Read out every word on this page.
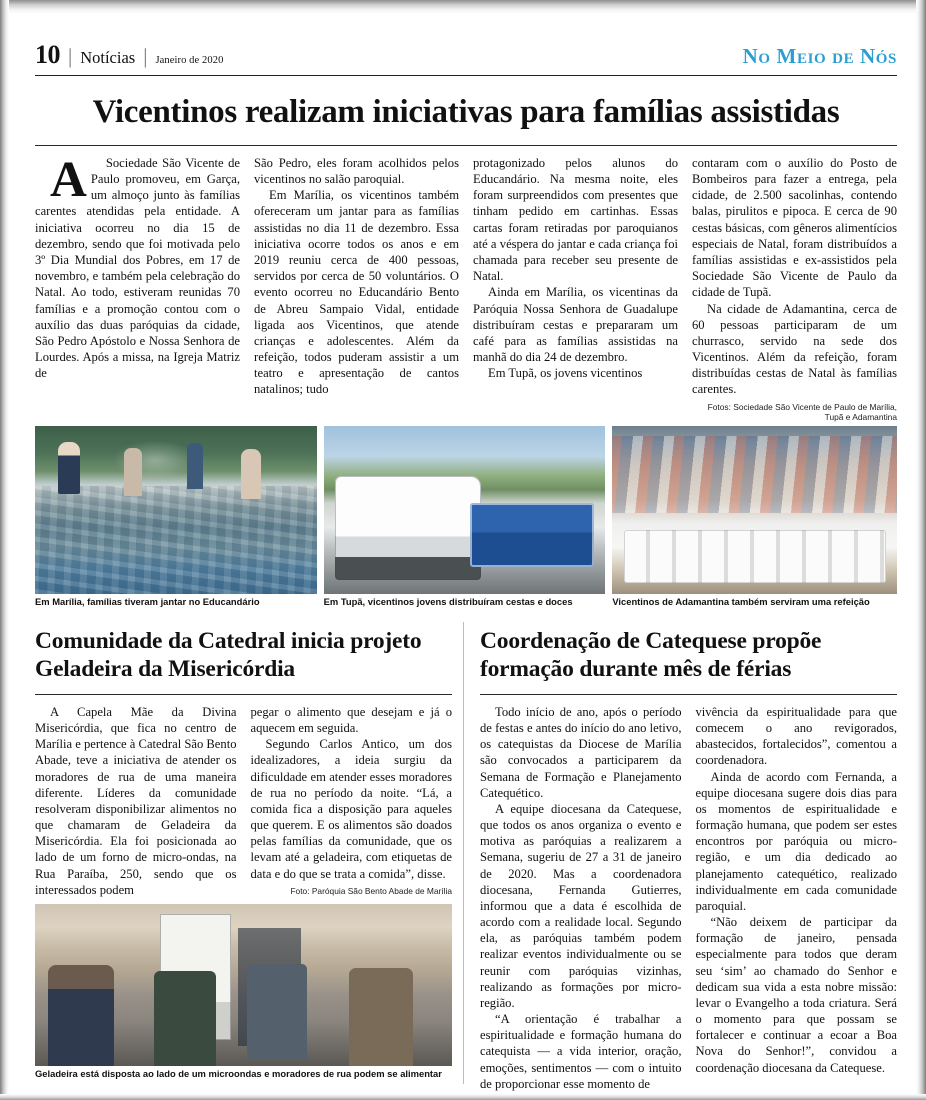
10 | Notícias | Janeiro de 2020	No Meio de Nós
Vicentinos realizam iniciativas para famílias assistidas

ASociedade São Vicente de Paulo promoveu, em Garça, um almoço junto às famílias carentes atendidas pela entidade. A iniciativa ocorreu no dia 15 de dezembro, sendo que foi motivada pelo 3º Dia Mundial dos Pobres, em 17 de novembro, e também pela celebração do Natal. Ao todo, estiveram reunidas 70 famílias e a promoção contou com o auxílio das duas paróquias da cidade, São Pedro Apóstolo e Nossa Senhora de Lourdes. Após a missa, na Igreja Matriz de

São Pedro, eles foram acolhidos pelos vicentinos no salão paroquial.

Em Marília, os vicentinos também ofereceram um jantar para as famílias assistidas no dia 11 de dezembro. Essa iniciativa ocorre todos os anos e em 2019 reuniu cerca de 400 pessoas, servidos por cerca de 50 voluntários. O evento ocorreu no Educandário Bento de Abreu Sampaio Vidal, entidade ligada aos Vicentinos, que atende crianças e adolescentes. Além da refeição, todos puderam assistir a um teatro e apresentação de cantos natalinos; tudo

protagonizado pelos alunos do Educandário. Na mesma noite, eles foram surpreendidos com presentes que tinham pedido em cartinhas. Essas cartas foram retiradas por paroquianos até a véspera do jantar e cada criança foi chamada para receber seu presente de Natal.

Ainda em Marília, os vicentinas da Paróquia Nossa Senhora de Guadalupe distribuíram cestas e prepararam um café para as famílias assistidas na manhã do dia 24 de dezembro.

Em Tupã, os jovens vicentinos

contaram com o auxílio do Posto de Bombeiros para fazer a entrega, pela cidade, de 2.500 sacolinhas, contendo balas, pirulitos e pipoca. E cerca de 90 cestas básicas, com gêneros alimentícios especiais de Natal, foram distribuídos a famílias assistidas e ex-assistidos pela Sociedade São Vicente de Paulo da cidade de Tupã.

Na cidade de Adamantina, cerca de 60 pessoas participaram de um churrasco, servido na sede dos Vicentinos. Além da refeição, foram distribuídas cestas de Natal às famílias carentes.

Fotos: Sociedade São Vicente de Paulo de Marília, Tupã e Adamantina
Em Marília, famílias tiveram jantar no Educandário	Em Tupã, vicentinos jovens distribuíram cestas e doces	Vicentinos de Adamantina também serviram uma refeição
Comunidade da Catedral inicia projeto Geladeira da Misericórdia

A Capela Mãe da Divina Misericórdia, que fica no centro de Marília e pertence à Catedral São Bento Abade, teve a iniciativa de atender os moradores de rua de uma maneira diferente. Líderes da comunidade resolveram disponibilizar alimentos no que chamaram de Geladeira da Misericórdia. Ela foi posicionada ao lado de um forno de micro-ondas, na Rua Paraíba, 250, sendo que os interessados podem

pegar o alimento que desejam e já o aquecem em seguida.

Segundo Carlos Antico, um dos idealizadores, a ideia surgiu da dificuldade em atender esses moradores de rua no período da noite. “Lá, a comida fica a disposição para aqueles que querem. E os alimentos são doados pelas famílias da comunidade, que os levam até a geladeira, com etiquetas de data e do que se trata a comida”, disse.

Foto: Paróquia São Bento Abade de Marília
Geladeira está disposta ao lado de um microondas e moradores de rua podem se alimentar
Coordenação de Catequese propõe formação durante mês de férias

Todo início de ano, após o período de festas e antes do início do ano letivo, os catequistas da Diocese de Marília são convocados a participarem da Semana de Formação e Planejamento Catequético.

A equipe diocesana da Catequese, que todos os anos organiza o evento e motiva as paróquias a realizarem a Semana, sugeriu de 27 a 31 de janeiro de 2020. Mas a coordenadora diocesana, Fernanda Gutierres, informou que a data é escolhida de acordo com a realidade local. Segundo ela, as paróquias também podem realizar eventos individualmente ou se reunir com paróquias vizinhas, realizando as formações por micro-região.

“A orientação é trabalhar a espiritualidade e formação humana do catequista — a vida interior, oração, emoções, sentimentos — com o intuito de proporcionar esse momento de

vivência da espiritualidade para que comecem o ano revigorados, abastecidos, fortalecidos”, comentou a coordenadora.

Ainda de acordo com Fernanda, a equipe diocesana sugere dois dias para os momentos de espiritualidade e formação humana, que podem ser estes encontros por paróquia ou micro-região, e um dia dedicado ao planejamento catequético, realizado individualmente em cada comunidade paroquial.

“Não deixem de participar da formação de janeiro, pensada especialmente para todos que deram seu ‘sim’ ao chamado do Senhor e dedicam sua vida a esta nobre missão: levar o Evangelho a toda criatura. Será o momento para que possam se fortalecer e continuar a ecoar a Boa Nova do Senhor!”, convidou a coordenação diocesana da Catequese.
